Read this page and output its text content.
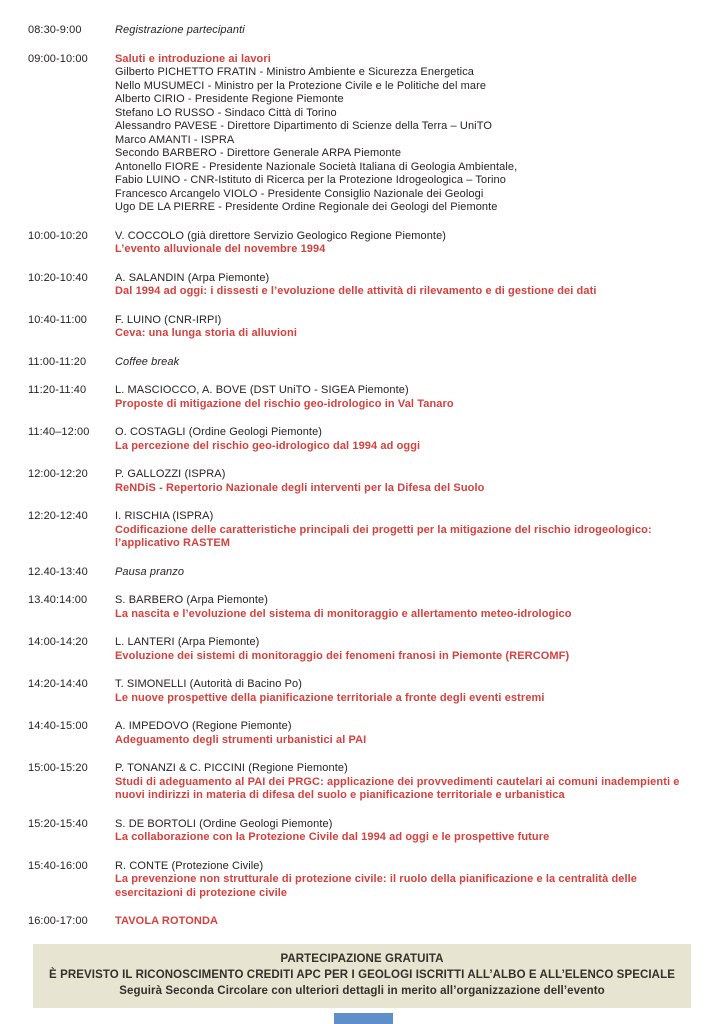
08:30-9:00	Registrazione partecipanti
09:00-10:00	Saluti e introduzione ai lavori
Gilberto PICHETTO FRATIN - Ministro Ambiente e Sicurezza Energetica
Nello MUSUMECI - Ministro per la Protezione Civile e le Politiche del mare
Alberto CIRIO - Presidente Regione Piemonte
Stefano LO RUSSO - Sindaco Città di Torino
Alessandro PAVESE - Direttore Dipartimento di Scienze della Terra – UniTO
Marco AMANTI - ISPRA
Secondo BARBERO - Direttore Generale ARPA Piemonte
Antonello FIORE - Presidente Nazionale Società Italiana di Geologia Ambientale,
Fabio LUINO - CNR-Istituto di Ricerca per la Protezione Idrogeologica – Torino
Francesco Arcangelo VIOLO - Presidente Consiglio Nazionale dei Geologi
Ugo DE LA PIERRE - Presidente Ordine Regionale dei Geologi del Piemonte
10:00-10:20	V. COCCOLO (già direttore Servizio Geologico Regione Piemonte)
L’evento alluvionale del novembre 1994
10:20-10:40	A. SALANDIN (Arpa Piemonte)
Dal 1994 ad oggi: i dissesti e l’evoluzione delle attività di rilevamento e di gestione dei dati
10:40-11:00	F. LUINO (CNR-IRPI)
Ceva: una lunga storia di alluvioni
11:00-11:20	Coffee break
11:20-11:40	L. MASCIOCCO, A. BOVE (DST UniTO - SIGEA Piemonte)
Proposte di mitigazione del rischio geo-idrologico in Val Tanaro
11:40–12:00	O. COSTAGLI (Ordine Geologi Piemonte)
La percezione del rischio geo-idrologico dal 1994 ad oggi
12:00-12:20	P. GALLOZZI (ISPRA)
ReNDiS - Repertorio Nazionale degli interventi per la Difesa del Suolo
12:20-12:40	I. RISCHIA (ISPRA)
Codificazione delle caratteristiche principali dei progetti per la mitigazione del rischio idrogeologico: l’applicativo RASTEM
12.40-13:40	Pausa pranzo
13.40:14:00	S. BARBERO (Arpa Piemonte)
La nascita e l’evoluzione del sistema di monitoraggio e allertamento meteo-idrologico
14:00-14:20	L. LANTERI (Arpa Piemonte)
Evoluzione dei sistemi di monitoraggio dei fenomeni franosi in Piemonte (RERCOMF)
14:20-14:40	T. SIMONELLI (Autorità di Bacino Po)
Le nuove prospettive della pianificazione territoriale a fronte degli eventi estremi
14:40-15:00	A. IMPEDOVO (Regione Piemonte)
Adeguamento degli strumenti urbanistici al PAI
15:00-15:20	P. TONANZI & C. PICCINI (Regione Piemonte)
Studi di adeguamento al PAI dei PRGC: applicazione dei provvedimenti cautelari ai comuni inadempienti e nuovi indirizzi in materia di difesa del suolo e pianificazione territoriale e urbanistica
15:20-15:40	S. DE BORTOLI (Ordine Geologi Piemonte)
La collaborazione con la Protezione Civile dal 1994 ad oggi e le prospettive future
15:40-16:00	R. CONTE (Protezione Civile)
La prevenzione non strutturale di protezione civile: il ruolo della pianificazione e la centralità delle esercitazioni di protezione civile
16:00-17:00	TAVOLA ROTONDA
PARTECIPAZIONE GRATUITA
È PREVISTO IL RICONOSCIMENTO CREDITI APC PER I GEOLOGI ISCRITTI ALL’ALBO E ALL’ELENCO SPECIALE
Seguirà Seconda Circolare con ulteriori dettagli in merito all’organizzazione dell’evento
